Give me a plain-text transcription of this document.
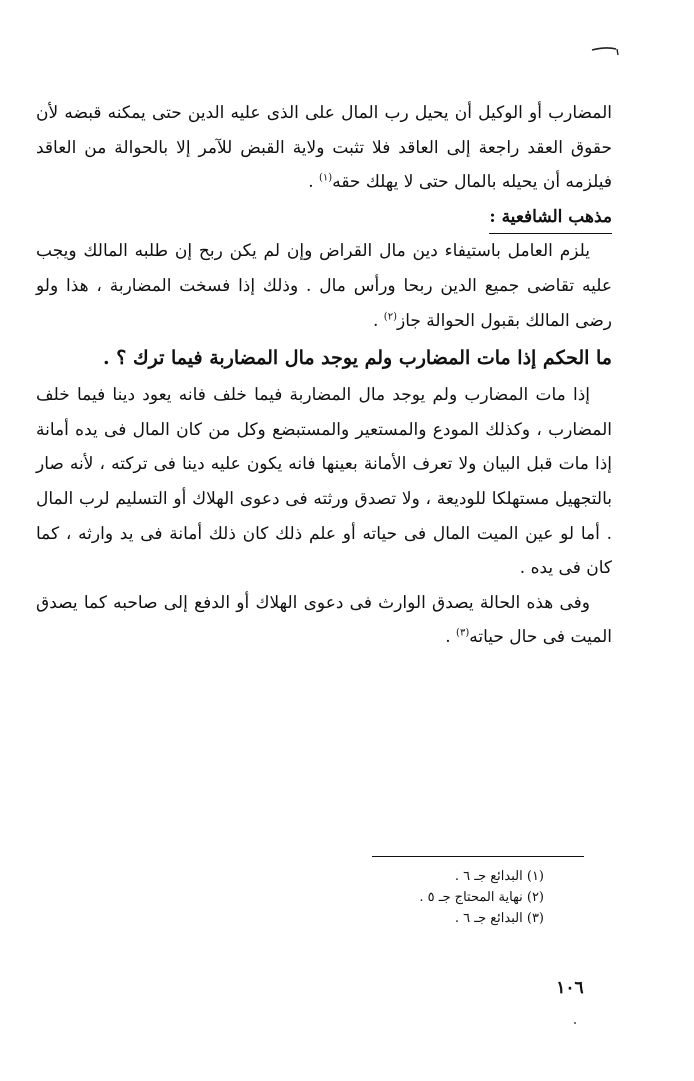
المضارب أو الوكيل أن يحيل رب المال على الذى عليه الدين حتى يمكنه قبضه لأن حقوق العقد راجعة إلى العاقد فلا تثبت ولاية القبض للآمر إلا بالحوالة من العاقد فيلزمه أن يحيله بالمال حتى لا يهلك حقه$^{(١)}$ .

مذهب الشافعية :

يلزم العامل باستيفاء دين مال القراض وإن لم يكن ربح إن طلبه المالك ويجب عليه تقاضى جميع الدين ربحا ورأس مال . وذلك إذا فسخت المضاربة ، هذا ولو رضى المالك بقبول الحوالة جاز$^{(٢)}$ .

ما الحكم إذا مات المضارب ولم يوجد مال المضاربة فيما ترك ؟ .

إذا مات المضارب ولم يوجد مال المضاربة فيما خلف فانه يعود دينا فيما خلف المضارب ، وكذلك المودع والمستعير والمستبضع وكل من كان المال فى يده أمانة إذا مات قبل البيان ولا تعرف الأمانة بعينها فانه يكون عليه دينا فى تركته ، لأنه صار بالتجهيل مستهلكا للوديعة ، ولا تصدق ورثته فى دعوى الهلاك أو التسليم لرب المال . أما لو عين الميت المال فى حياته أو علم ذلك كان ذلك أمانة فى يد وارثه ، كما كان فى يده .

وفى هذه الحالة يصدق الوارث فى دعوى الهلاك أو الدفع إلى صاحبه كما يصدق الميت فى حال حياته$^{(٣)}$ .

(١) البدائع جـ ٦ .
(٢) نهاية المحتاج جـ ٥ .
(٣) البدائع جـ ٦ .
١٠٦
